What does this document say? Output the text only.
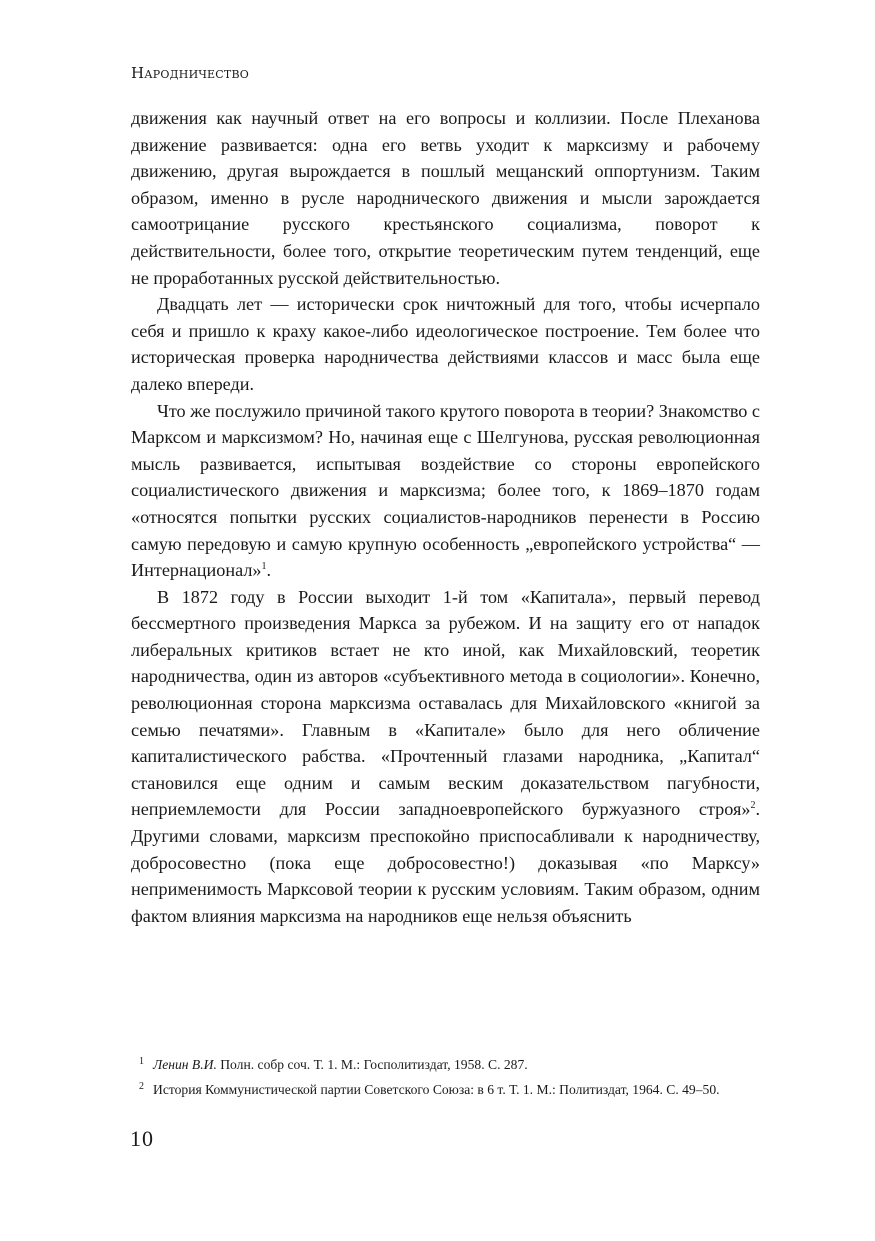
Народничество

движения как научный ответ на его вопросы и коллизии. После Плеханова движение развивается: одна его ветвь уходит к марксизму и рабочему движению, другая вырождается в пошлый мещанский оппортунизм. Таким образом, именно в русле народнического движения и мысли зарождается самоотрицание русского крестьянского социализма, поворот к действительности, более того, открытие теоретическим путем тенденций, еще не проработанных русской действительностью.

Двадцать лет — исторически срок ничтожный для того, чтобы исчерпало себя и пришло к краху какое-либо идеологическое построение. Тем более что историческая проверка народничества действиями классов и масс была еще далеко впереди.

Что же послужило причиной такого крутого поворота в теории? Знакомство с Марксом и марксизмом? Но, начиная еще с Шелгунова, русская революционная мысль развивается, испытывая воздействие со стороны европейского социалистического движения и марксизма; более того, к 1869–1870 годам «относятся попытки русских социалистов-народников перенести в Россию самую передовую и самую крупную особенность „европейского устройства“ — Интернационал»$^1$.

В 1872 году в России выходит 1-й том «Капитала», первый перевод бессмертного произведения Маркса за рубежом. И на защиту его от нападок либеральных критиков встает не кто иной, как Михайловский, теоретик народничества, один из авторов «субъективного метода в социологии». Конечно, революционная сторона марксизма оставалась для Михайловского «книгой за семью печатями». Главным в «Капитале» было для него обличение капиталистического рабства. «Прочтенный глазами народника, „Капитал“ становился еще одним и самым веским доказательством пагубности, неприемлемости для России западноевропейского буржуазного строя»$^2$. Другими словами, марксизм преспокойно приспосабливали к народничеству, добросовестно (пока еще добросовестно!) доказывая «по Марксу» неприменимость Марксовой теории к русским условиям. Таким образом, одним фактом влияния марксизма на народников еще нельзя объяснить

1 Ленин В.И. Полн. собр соч. Т. 1. М.: Госполитиздат, 1958. С. 287.
2 История Коммунистической партии Советского Союза: в 6 т. Т. 1. М.: Политиздат, 1964. С. 49–50.
10
